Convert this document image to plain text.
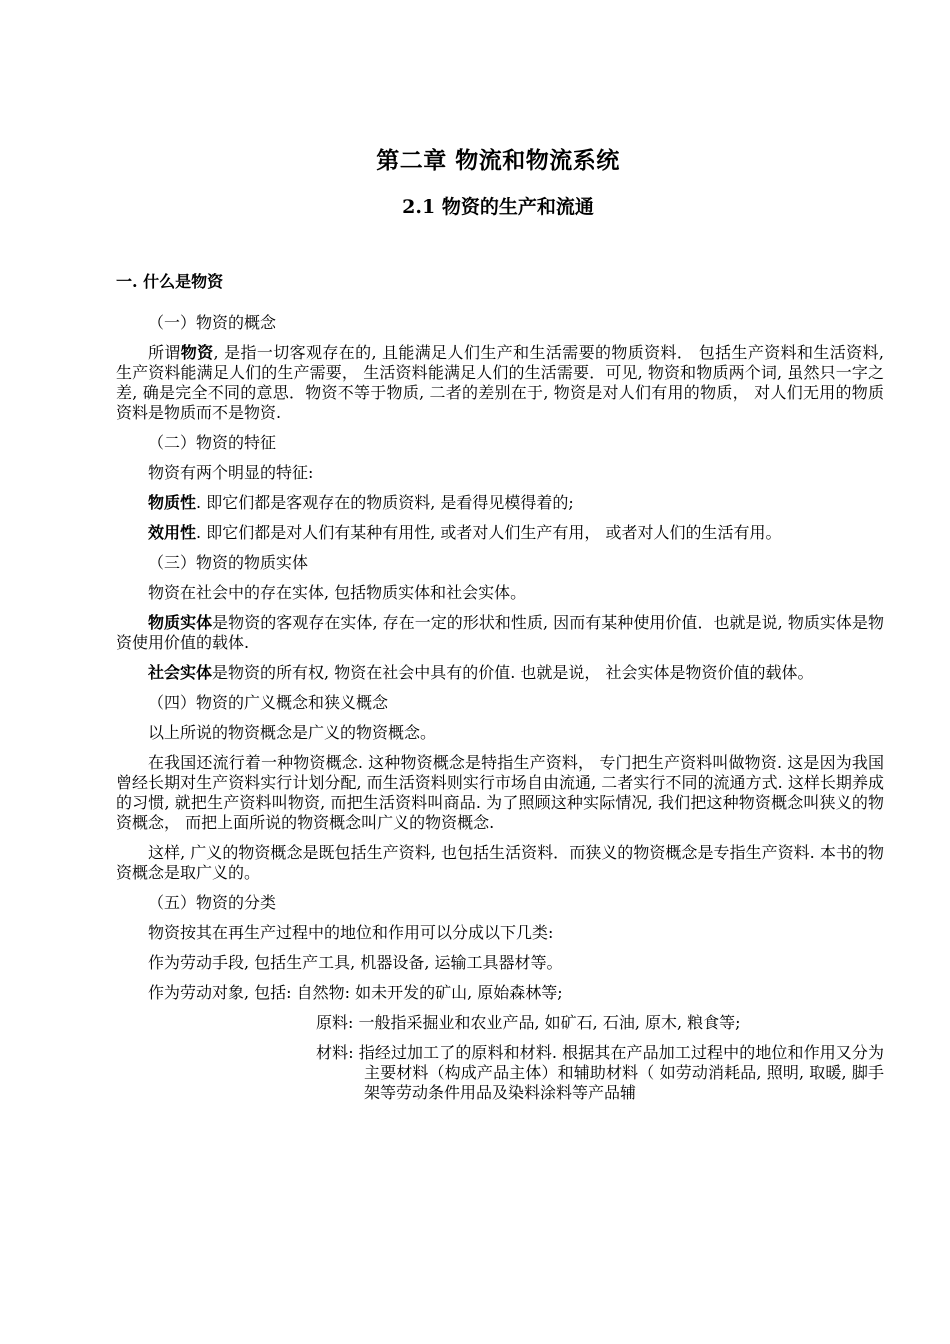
第二章 物流和物流系统
2.1 物资的生产和流通
一. 什么是物资
（一）物资的概念
所谓物资, 是指一切客观存在的, 且能满足人们生产和生活需要的物质资料． 包括生产资料和生活资料, 生产资料能满足人们的生产需要， 生活资料能满足人们的生活需要．可见, 物资和物质两个词, 虽然只一字之差, 确是完全不同的意思．物资不等于物质, 二者的差别在于, 物资是对人们有用的物质， 对人们无用的物质资料是物质而不是物资.
（二）物资的特征
物资有两个明显的特征:
物质性. 即它们都是客观存在的物质资料, 是看得见模得着的;
效用性. 即它们都是对人们有某种有用性, 或者对人们生产有用， 或者对人们的生活有用。
（三）物资的物质实体
物资在社会中的存在实体, 包括物质实体和社会实体。
物质实体是物资的客观存在实体, 存在一定的形状和性质, 因而有某种使用价值．也就是说, 物质实体是物资使用价值的载体.
社会实体是物资的所有权, 物资在社会中具有的价值. 也就是说， 社会实体是物资价值的载体。
（四）物资的广义概念和狭义概念
以上所说的物资概念是广义的物资概念。
在我国还流行着一种物资概念. 这种物资概念是特指生产资料， 专门把生产资料叫做物资. 这是因为我国曾经长期对生产资料实行计划分配, 而生活资料则实行市场自由流通, 二者实行不同的流通方式. 这样长期养成的习惯, 就把生产资料叫物资, 而把生活资料叫商品. 为了照顾这种实际情况, 我们把这种物资概念叫狭义的物资概念， 而把上面所说的物资概念叫广义的物资概念.
这样, 广义的物资概念是既包括生产资料, 也包括生活资料．而狭义的物资概念是专指生产资料. 本书的物资概念是取广义的。
（五）物资的分类
物资按其在再生产过程中的地位和作用可以分成以下几类:
作为劳动手段, 包括生产工具, 机器设备, 运输工具器材等。
作为劳动对象, 包括: 自然物: 如未开发的矿山, 原始森林等;
原料: 一般指采掘业和农业产品, 如矿石, 石油, 原木, 粮食等;
材料: 指经过加工了的原料和材料. 根据其在产品加工过程中的地位和作用又分为主要材料（构成产品主体）和辅助材料（ 如劳动消耗品, 照明, 取暖, 脚手架等劳动条件用品及染料涂料等产品辅
